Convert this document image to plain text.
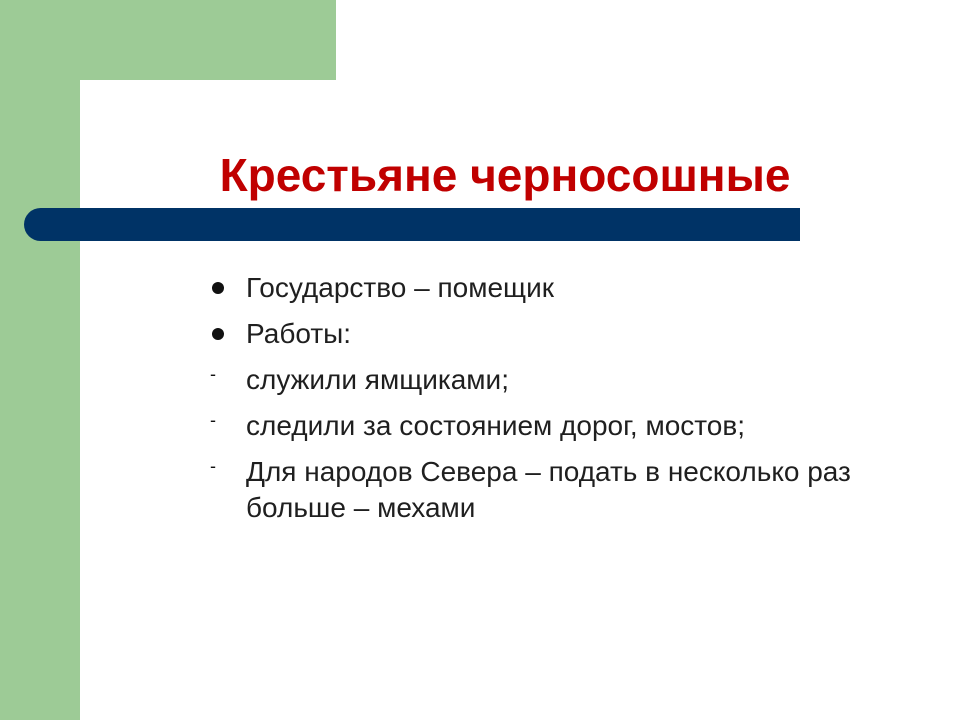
Крестьяне черносошные
Государство – помещик
Работы:
- служили ямщиками;
- следили за состоянием дорог, мостов;
- Для народов Севера – подать в несколько раз больше – мехами
